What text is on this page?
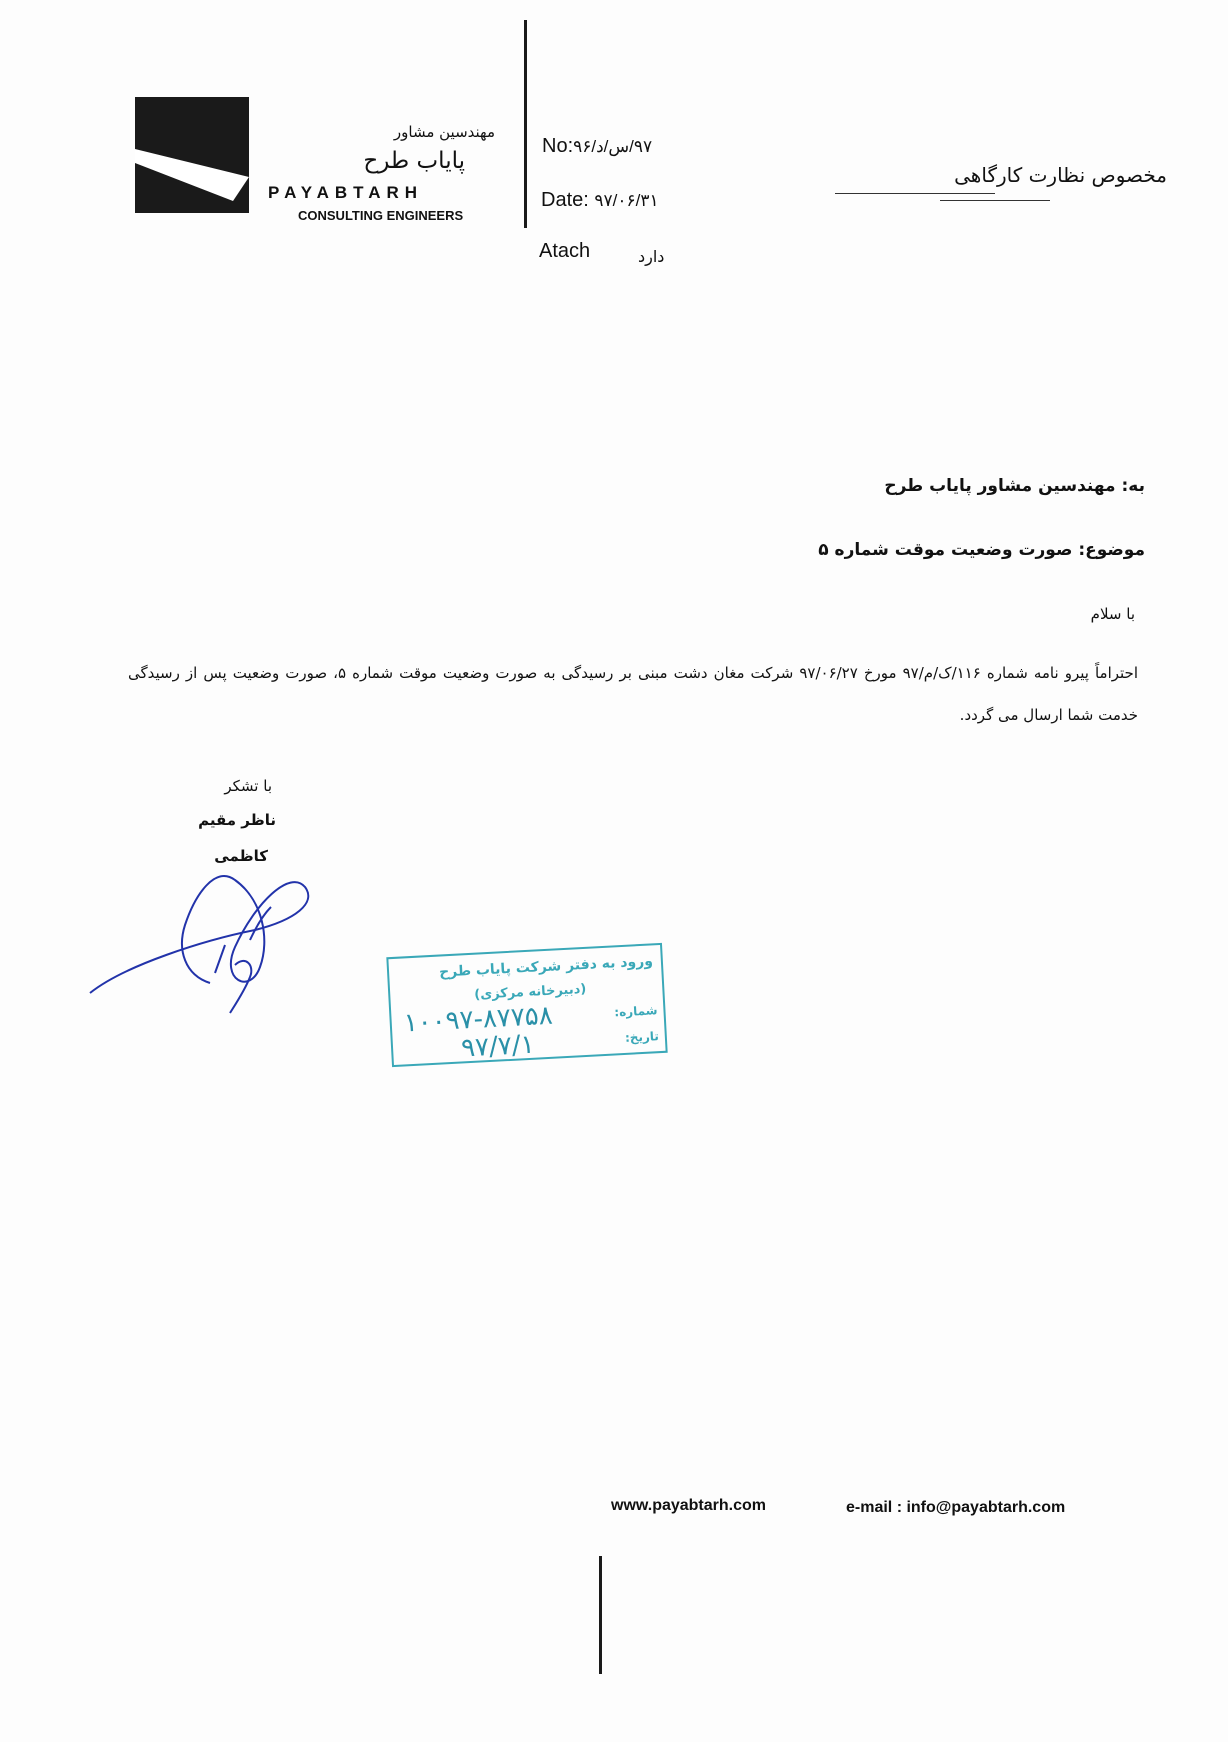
مهندسین مشاور
پایاب طرح
PAYABTARH
CONSULTING ENGINEERS
No:۹۷/س/د/۹۶
Date: ۹۷/۰۶/۳۱
Atach	دارد
مخصوص نظارت کارگاهی
به: مهندسین مشاور پایاب طرح
موضوع: صورت وضعیت موقت شماره ۵
با سلام
احتراماً پیرو نامه شماره ۱۱۶/ک/م/۹۷ مورخ ۹۷/۰۶/۲۷ شرکت مغان دشت مبنی بر رسیدگی به صورت وضعیت موقت شماره ۵، صورت وضعیت پس از رسیدگی خدمت شما ارسال می گردد.
با تشکر
ناظر مقیم
کاظمی
ورود به دفتر شرکت پایاب طرح
(دبیرخانه مرکزی)
شماره:
تاریخ:
۱۰۰۹۷-۸۷۷۵۸
۹۷/۷/۱
www.payabtarh.com	e-mail : info@payabtarh.com
